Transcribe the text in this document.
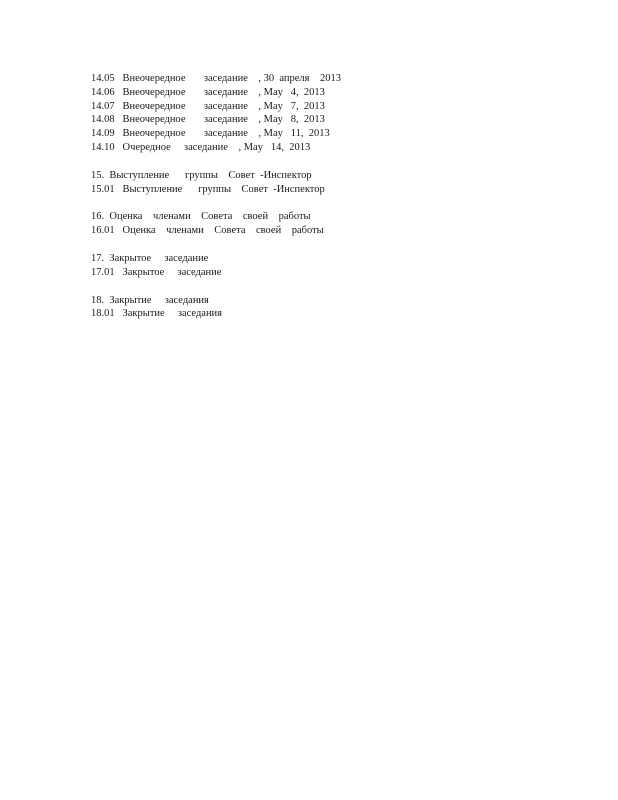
14.05   Внеочередное       заседание    , 30  апреля    2013
14.06   Внеочередное       заседание    , May   4,  2013
14.07   Внеочередное       заседание    , May   7,  2013
14.08   Внеочередное       заседание    , May   8,  2013
14.09   Внеочередное       заседание    , May   11,  2013
14.10   Очередное     заседание    , May   14,  2013
15.  Выступление      группы    Совет  -Инспектор
15.01   Выступление      группы    Совет  -Инспектор
16.  Оценка    членами    Совета    своей    работы
16.01   Оценка    членами    Совета    своей    работы
17.  Закрытое     заседание
17.01   Закрытое     заседание
18.  Закрытие     заседания
18.01   Закрытие     заседания
